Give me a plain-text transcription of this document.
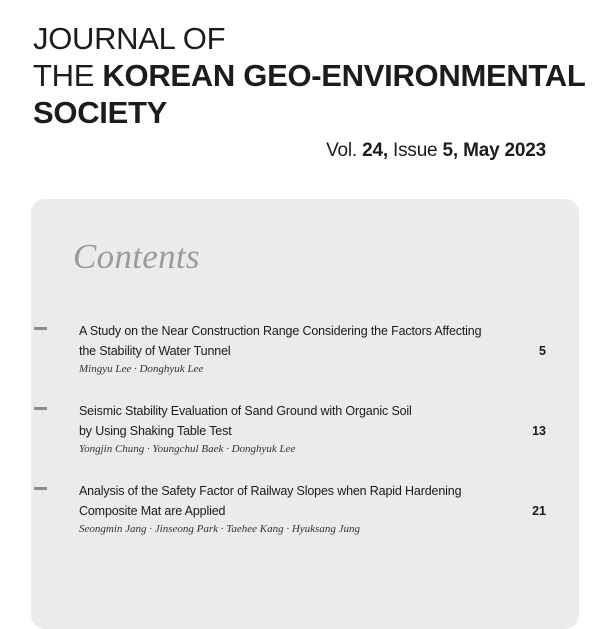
JOURNAL OF
THE KOREAN GEO-ENVIRONMENTAL
SOCIETY
Vol. 24, Issue 5, May 2023
Contents
A Study on the Near Construction Range Considering the Factors Affecting
the Stability of Water Tunnel	5
Mingyu Lee · Donghyuk Lee
Seismic Stability Evaluation of Sand Ground with Organic Soil
by Using Shaking Table Test	13
Yongjin Chung · Youngchul Baek · Donghyuk Lee
Analysis of the Safety Factor of Railway Slopes when Rapid Hardening
Composite Mat are Applied	21
Seongmin Jang · Jinseong Park · Taehee Kang · Hyuksang Jung
